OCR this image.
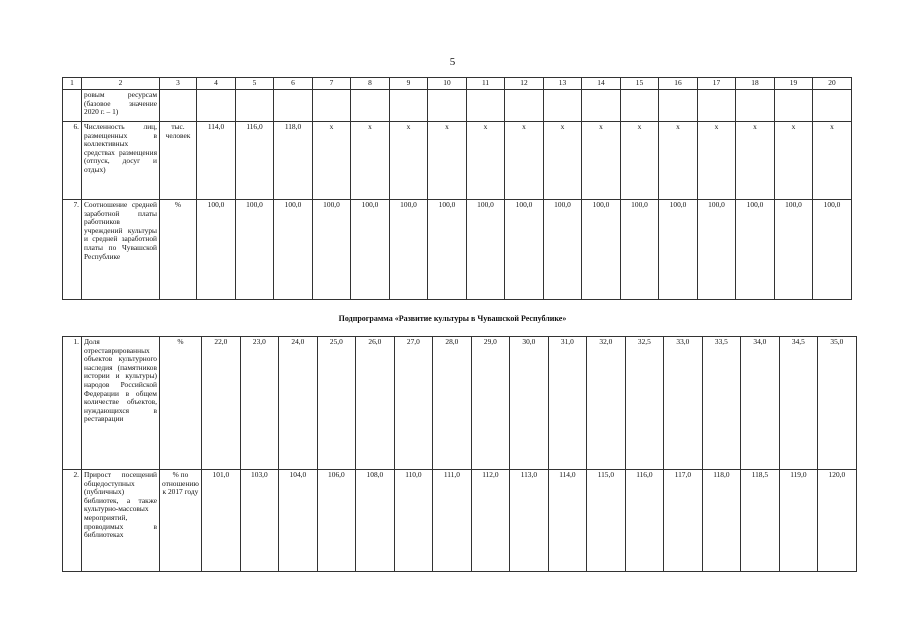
5
1	2	3	4	5	6	7	8	9	10	11	12	13	14	15	16	17	18	19	20
	ровым ресурсам (базовое значение 2020 г. – 1)																		
6.	Численность лиц, размещенных в коллективных средствах размещения (отпуск, досуг и отдых)	тыс. человек	114,0	116,0	118,0	x	x	x	x	x	x	x	x	x	x	x	x	x	x
7.	Соотношение средней заработной платы работников учреждений культуры и средней заработной платы по Чувашской Республике	%	100,0	100,0	100,0	100,0	100,0	100,0	100,0	100,0	100,0	100,0	100,0	100,0	100,0	100,0	100,0	100,0	100,0
Подпрограмма «Развитие культуры в Чувашской Республике»
1.	Доля отреставрированных объектов культурного наследия (памятников истории и культуры) народов Российской Федерации в общем количестве объектов, нуждающихся в реставрации	%	22,0	23,0	24,0	25,0	26,0	27,0	28,0	29,0	30,0	31,0	32,0	32,5	33,0	33,5	34,0	34,5	35,0
2.	Прирост посещений общедоступных (публичных) библиотек, а также культурно-массовых мероприятий, проводимых в библиотеках	% по отношению к 2017 году	101,0	103,0	104,0	106,0	108,0	110,0	111,0	112,0	113,0	114,0	115,0	116,0	117,0	118,0	118,5	119,0	120,0
